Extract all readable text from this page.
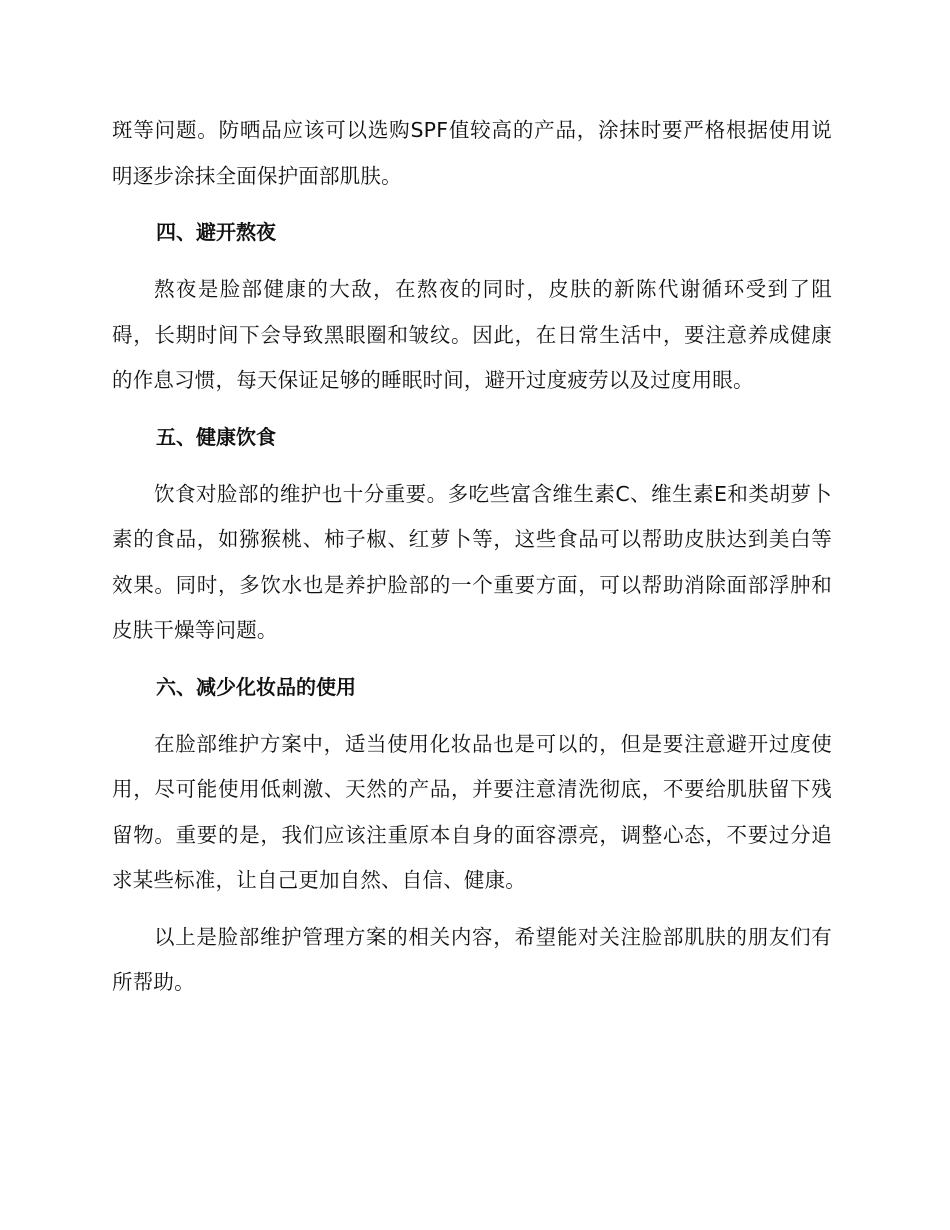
斑等问题。防晒品应该可以选购SPF值较高的产品，涂抹时要严格根据使用说明逐步涂抹全面保护面部肌肤。

四、避开熬夜

熬夜是脸部健康的大敌，在熬夜的同时，皮肤的新陈代谢循环受到了阻碍，长期时间下会导致黑眼圈和皱纹。因此，在日常生活中，要注意养成健康的作息习惯，每天保证足够的睡眠时间，避开过度疲劳以及过度用眼。

五、健康饮食

饮食对脸部的维护也十分重要。多吃些富含维生素C、维生素E和类胡萝卜素的食品，如猕猴桃、柿子椒、红萝卜等，这些食品可以帮助皮肤达到美白等效果。同时，多饮水也是养护脸部的一个重要方面，可以帮助消除面部浮肿和皮肤干燥等问题。

六、减少化妆品的使用

在脸部维护方案中，适当使用化妆品也是可以的，但是要注意避开过度使用，尽可能使用低刺激、天然的产品，并要注意清洗彻底，不要给肌肤留下残留物。重要的是，我们应该注重原本自身的面容漂亮，调整心态，不要过分追求某些标准，让自己更加自然、自信、健康。

以上是脸部维护管理方案的相关内容，希望能对关注脸部肌肤的朋友们有所帮助。
